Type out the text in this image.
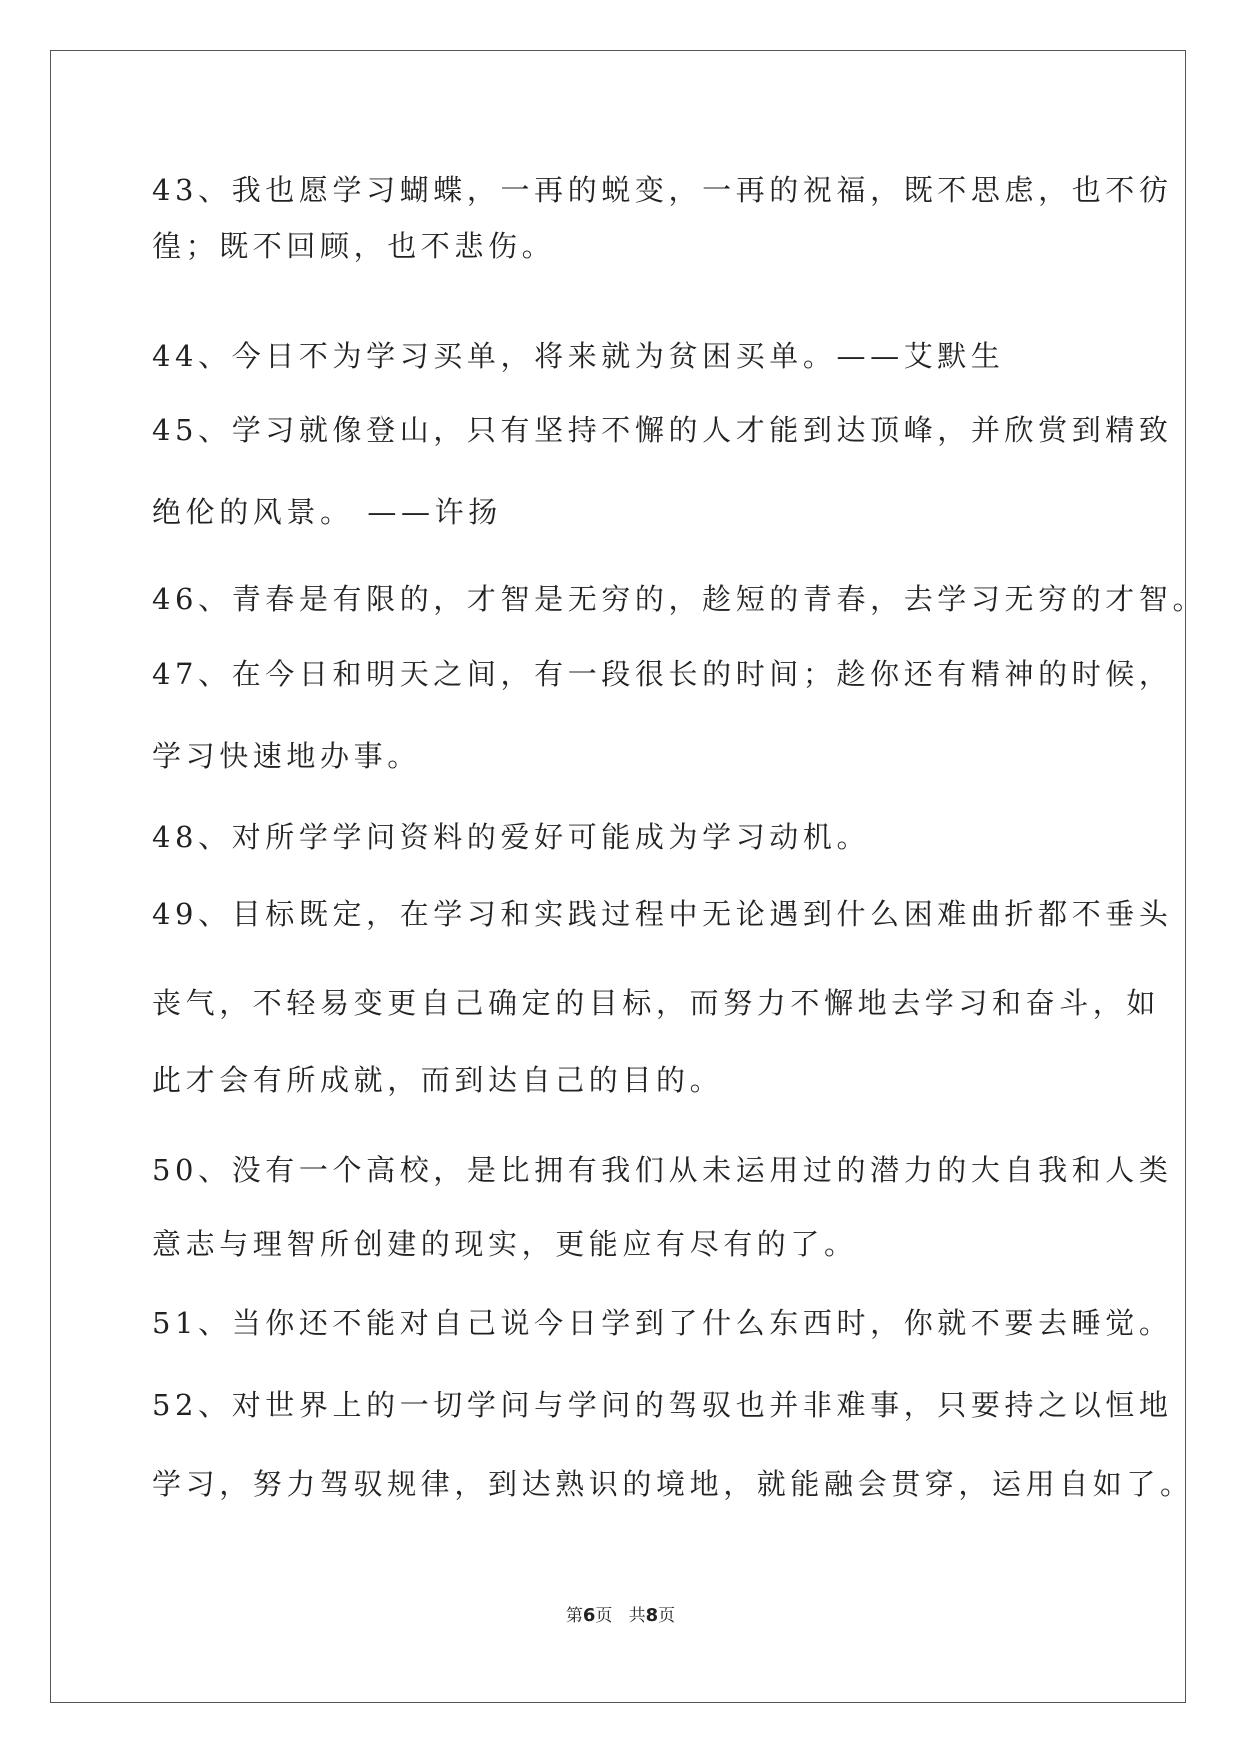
43、我也愿学习蝴蝶，一再的蜕变，一再的祝福，既不思虑，也不彷
徨；既不回顾，也不悲伤。
44、今日不为学习买单，将来就为贫困买单。——艾默生
45、学习就像登山，只有坚持不懈的人才能到达顶峰，并欣赏到精致
绝伦的风景。 ——许扬
46、青春是有限的，才智是无穷的，趁短的青春，去学习无穷的才智。
47、在今日和明天之间，有一段很长的时间；趁你还有精神的时候，
学习快速地办事。
48、对所学学问资料的爱好可能成为学习动机。
49、目标既定，在学习和实践过程中无论遇到什么困难曲折都不垂头
丧气，不轻易变更自己确定的目标，而努力不懈地去学习和奋斗，如
此才会有所成就，而到达自己的目的。
50、没有一个高校，是比拥有我们从未运用过的潜力的大自我和人类
意志与理智所创建的现实，更能应有尽有的了。
51、当你还不能对自己说今日学到了什么东西时，你就不要去睡觉。
52、对世界上的一切学问与学问的驾驭也并非难事，只要持之以恒地
学习，努力驾驭规律，到达熟识的境地，就能融会贯穿，运用自如了。
第6页 共8页
